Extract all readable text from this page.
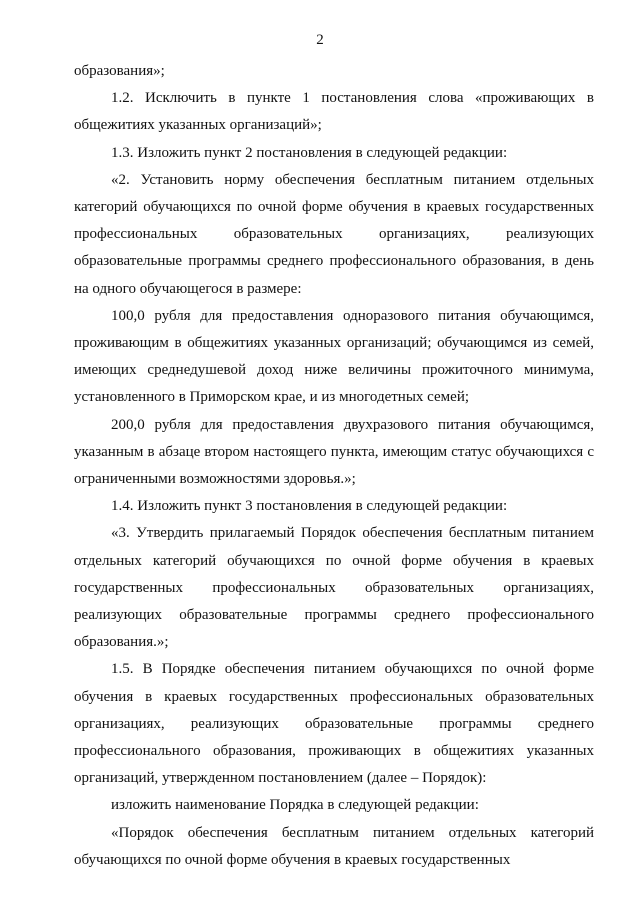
2

образования»;

1.2. Исключить в пункте 1 постановления слова «проживающих в общежитиях указанных организаций»;

1.3. Изложить пункт 2 постановления в следующей редакции:

«2. Установить норму обеспечения бесплатным питанием отдельных категорий обучающихся по очной форме обучения в краевых государственных профессиональных образовательных организациях, реализующих образовательные программы среднего профессионального образования, в день на одного обучающегося в размере:

100,0 рубля для предоставления одноразового питания обучающимся, проживающим в общежитиях указанных организаций; обучающимся из семей, имеющих среднедушевой доход ниже величины прожиточного минимума, установленного в Приморском крае, и из многодетных семей;

200,0 рубля для предоставления двухразового питания обучающимся, указанным в абзаце втором настоящего пункта, имеющим статус обучающихся с ограниченными возможностями здоровья.»;

1.4. Изложить пункт 3 постановления в следующей редакции:

«3. Утвердить прилагаемый Порядок обеспечения бесплатным питанием отдельных категорий обучающихся по очной форме обучения в краевых государственных профессиональных образовательных организациях, реализующих образовательные программы среднего профессионального образования.»;

1.5. В Порядке обеспечения питанием обучающихся по очной форме обучения в краевых государственных профессиональных образовательных организациях, реализующих образовательные программы среднего профессионального образования, проживающих в общежитиях указанных организаций, утвержденном постановлением (далее – Порядок):

изложить наименование Порядка в следующей редакции:

«Порядок обеспечения бесплатным питанием отдельных категорий обучающихся по очной форме обучения в краевых государственных
